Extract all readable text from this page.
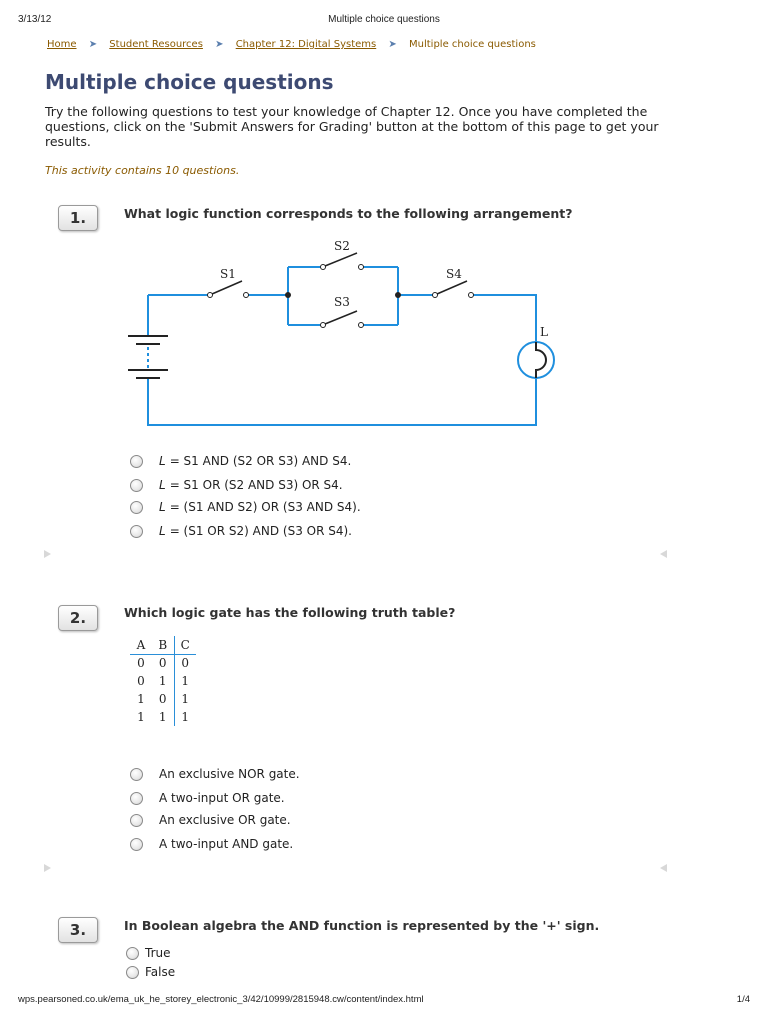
3/13/12	Multiple choice questions
Home ➤ Student Resources ➤ Chapter 12: Digital Systems ➤ Multiple choice questions
Multiple choice questions

Try the following questions to test your knowledge of Chapter 12. Once you have completed the questions, click on the 'Submit Answers for Grading' button at the bottom of this page to get your results.

This activity contains 10 questions.

1.	What logic function corresponds to the following arrangement?
S1
S2
S3
S4
L
L = S1 AND (S2 OR S3) AND S4.
L = S1 OR (S2 AND S3) OR S4.
L = (S1 AND S2) OR (S3 AND S4).
L = (S1 OR S2) AND (S3 OR S4).
2.	Which logic gate has the following truth table?
A	B	C
0	0	0
0	1	1
1	0	1
1	1	1
An exclusive NOR gate.
A two-input OR gate.
An exclusive OR gate.
A two-input AND gate.
3.	In Boolean algebra the AND function is represented by the '+' sign.
True
False
wps.pearsoned.co.uk/ema_uk_he_storey_electronic_3/42/10999/2815948.cw/content/index.html	1/4
